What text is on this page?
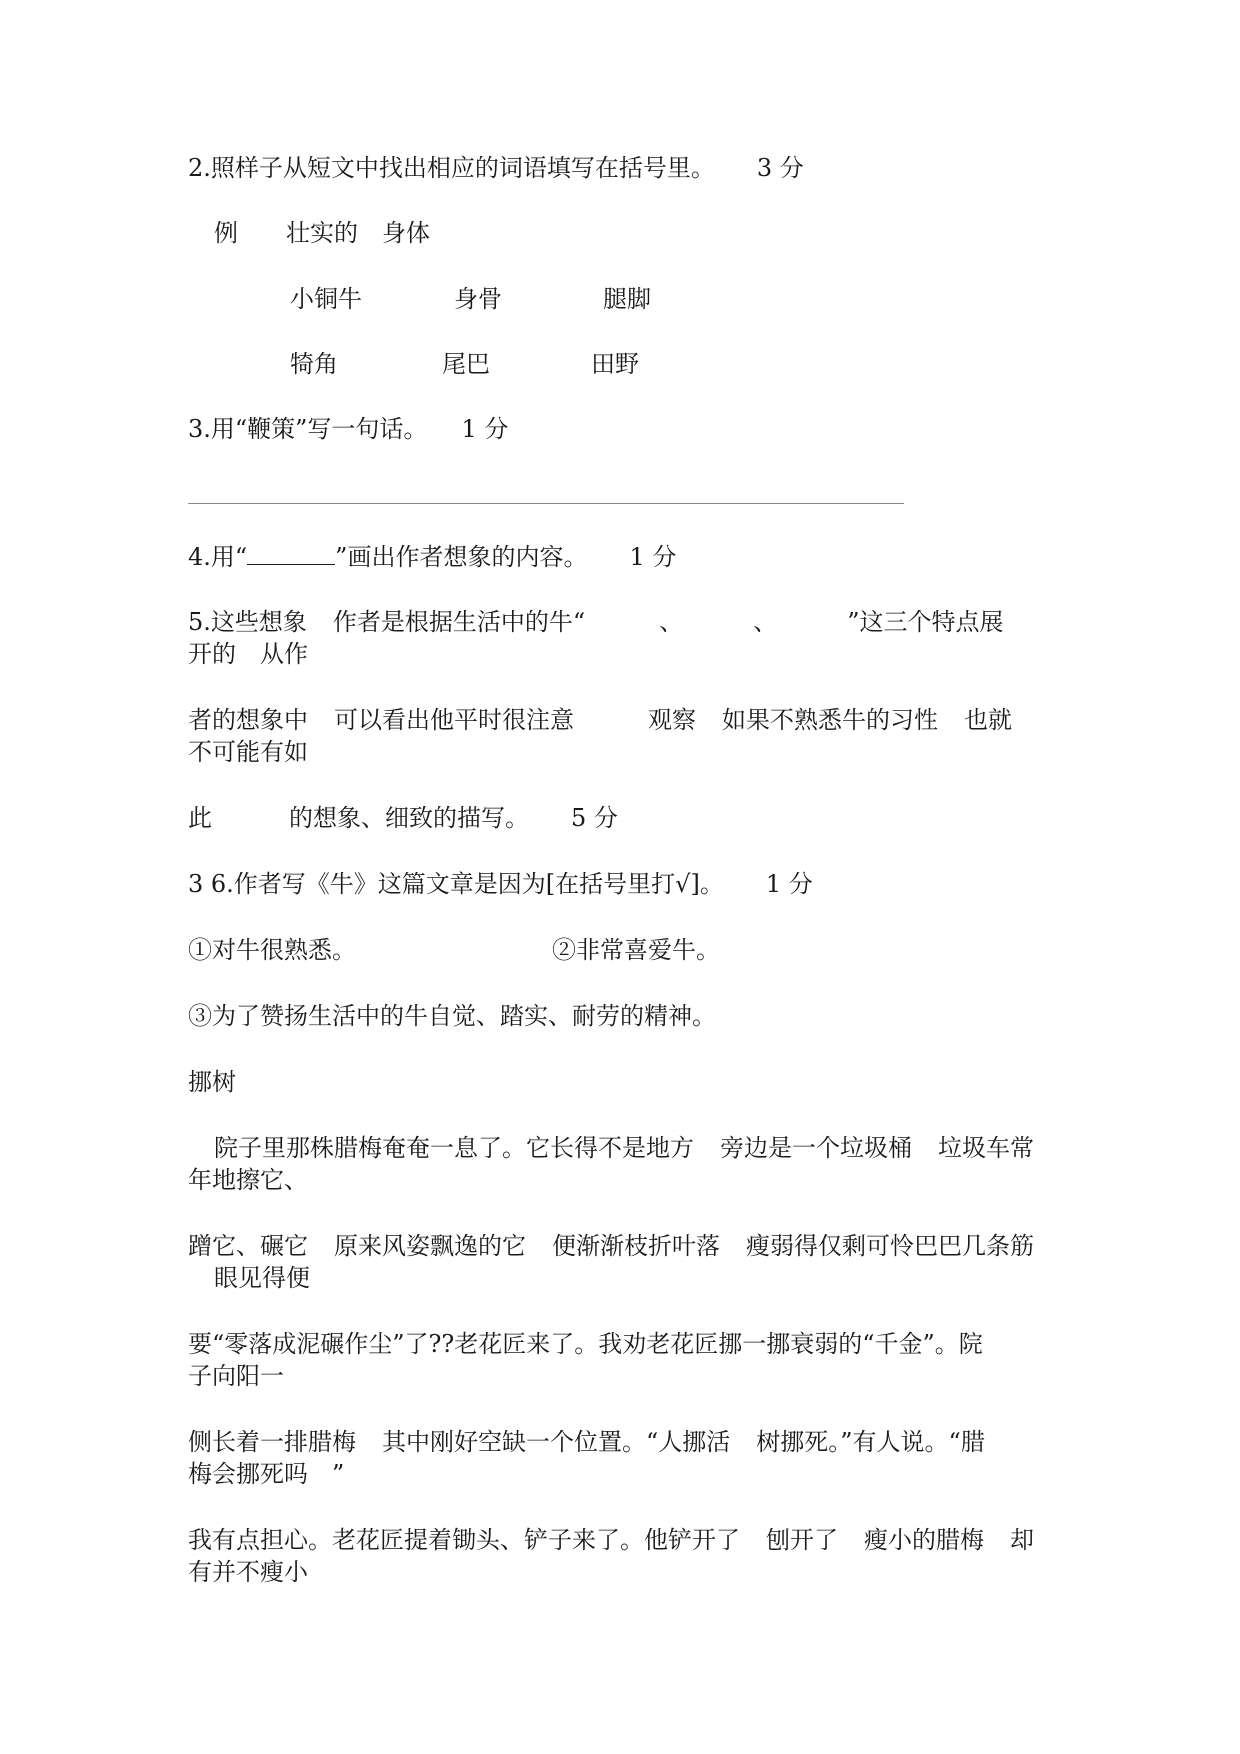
2.照样子从短文中找出相应的词语填写在括号里。 3 分
例 壮实的 身体
小铜牛	身骨	腿脚
犄角	尾巴	田野
3.用“鞭策”写一句话。 1 分
4.用“	”画出作者想象的内容。 1 分
5.这些想象 作者是根据生活中的牛“	、	、	”这三个特点展
开的　从作
者的想象中 可以看出他平时很注意	观察 如果不熟悉牛的习性 也就
不可能有如
此	的想象、细致的描写。 5 分
3 6.作者写《牛》这篇文章是因为[在括号里打√]。 1 分
①对牛很熟悉。	②非常喜爱牛。
③为了赞扬生活中的牛自觉、踏实、耐劳的精神。
挪树
院子里那株腊梅奄奄一息了。它长得不是地方 旁边是一个垃圾桶 垃圾车常
年地擦它、
蹭它、碾它 原来风姿飘逸的它 便渐渐枝折叶落 瘦弱得仅剩可怜巴巴几条筋
眼见得便
要“零落成泥碾作尘”了??老花匠来了。我劝老花匠挪一挪衰弱的“千金”。院
子向阳一
侧长着一排腊梅 其中刚好空缺一个位置。“人挪活 树挪死。”有人说。“腊
梅会挪死吗　”
我有点担心。老花匠提着锄头、铲子来了。他铲开了 刨开了 瘦小的腊梅 却
有并不瘦小
